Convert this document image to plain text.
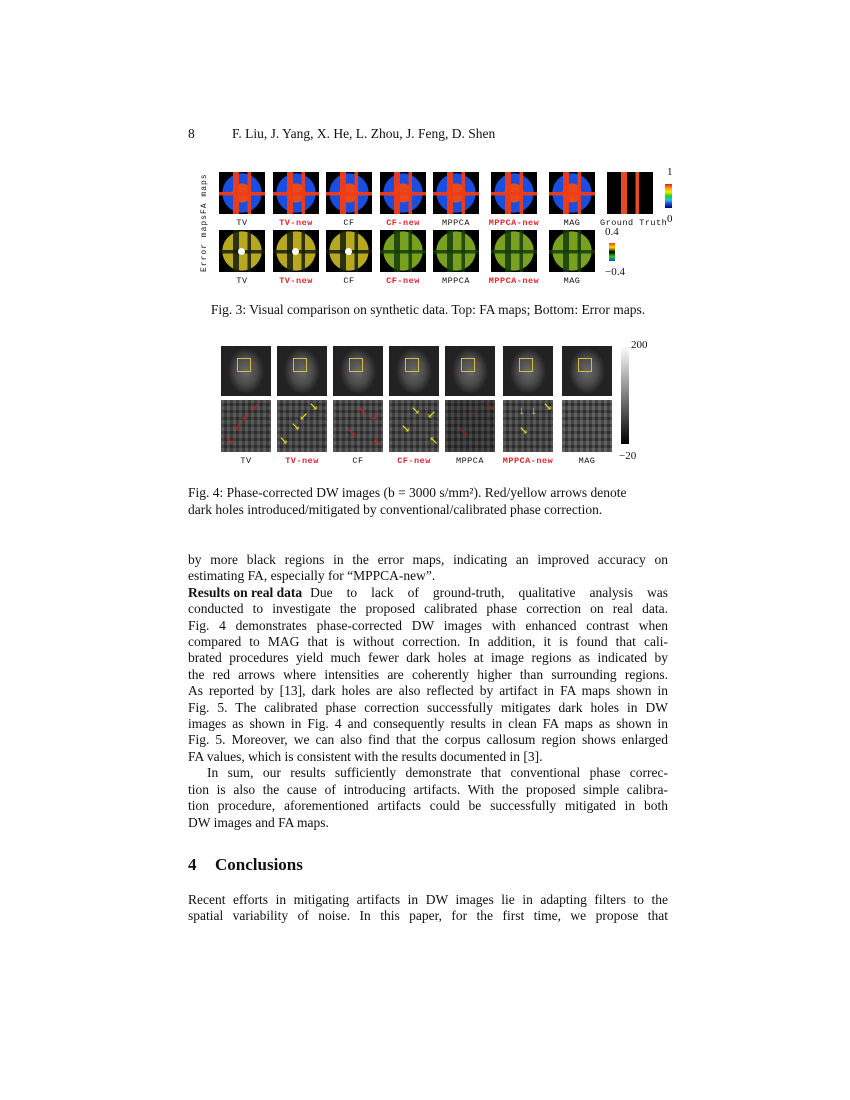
8	F. Liu, J. Yang, X. He, L. Zhou, J. Feng, D. Shen
FA maps
Error maps	TV	TV-new	CF	CF-new	MPPCA	MPPCA-new	MAG	Ground Truth
1
0
TV	TV-new	CF	CF-new	MPPCA	MPPCA-new	MAG
0.4
−0.4
Fig. 3: Visual comparison on synthetic data. Top: FA maps; Bottom: Error maps.
↙
↙
↙
↘
↘
↙
↘
↘
↘ ↙
↘
↖
↘ ↙
↘
↖
↓ ↓ ↘
↘
↓ ↓ ↘
↘
TV	TV-new	CF	CF-new	MPPCA	MPPCA-new	MAG
200
−20
Fig. 4: Phase-corrected DW images (b = 3000 s/mm²). Red/yellow arrows denote
dark holes introduced/mitigated by conventional/calibrated phase correction.
by more black regions in the error maps, indicating an improved accuracy on
estimating FA, especially for “MPPCA-new”.
Results on real data Due to lack of ground-truth, qualitative analysis was
conducted to investigate the proposed calibrated phase correction on real data.
Fig. 4 demonstrates phase-corrected DW images with enhanced contrast when
compared to MAG that is without correction. In addition, it is found that cali-
brated procedures yield much fewer dark holes at image regions as indicated by
the red arrows where intensities are coherently higher than surrounding regions.
As reported by [13], dark holes are also reflected by artifact in FA maps shown in
Fig. 5. The calibrated phase correction successfully mitigates dark holes in DW
images as shown in Fig. 4 and consequently results in clean FA maps as shown in
Fig. 5. Moreover, we can also find that the corpus callosum region shows enlarged
FA values, which is consistent with the results documented in [3].
In sum, our results sufficiently demonstrate that conventional phase correc-
tion is also the cause of introducing artifacts. With the proposed simple calibra-
tion procedure, aforementioned artifacts could be successfully mitigated in both
DW images and FA maps.
4 Conclusions
Recent efforts in mitigating artifacts in DW images lie in adapting filters to the
spatial variability of noise. In this paper, for the first time, we propose that
